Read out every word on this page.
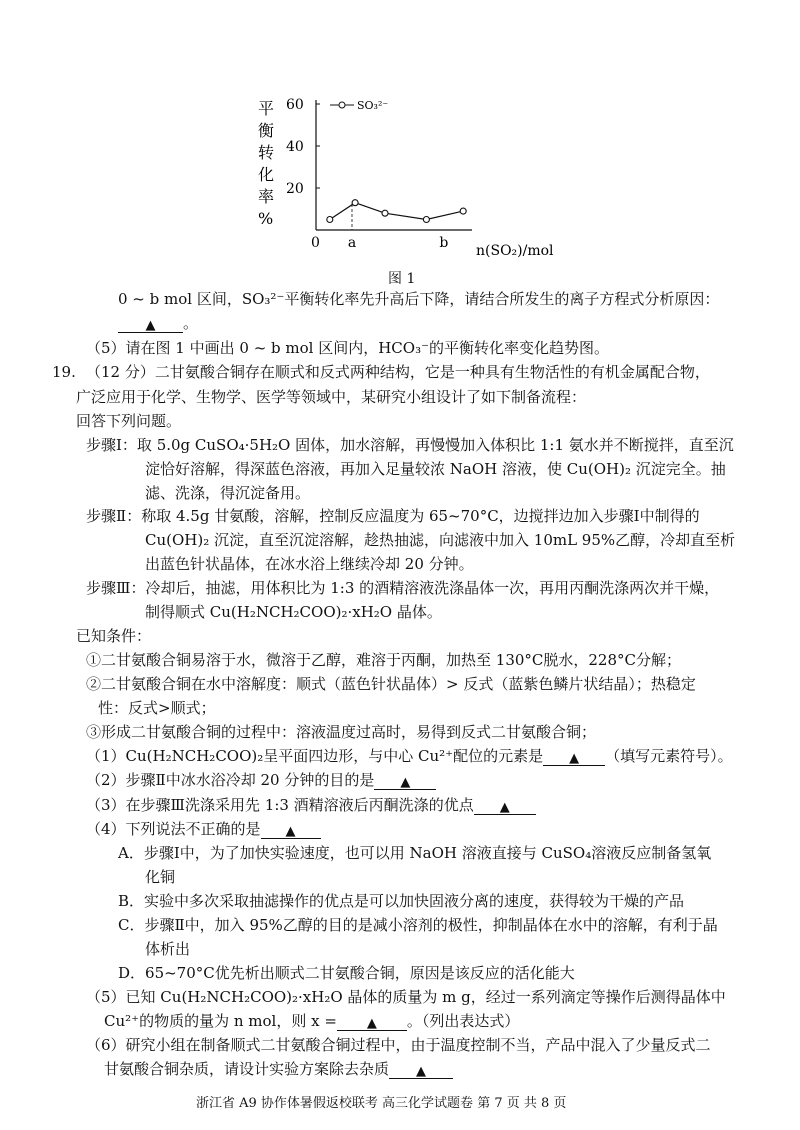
平
衡
转
化
率
%
60
40
20
0 a	b
SO₃²⁻
n(SO₂)/mol
图 1
0 ~ b mol 区间，SO₃²⁻平衡转化率先升高后下降，请结合所发生的离子方程式分析原因：
▲ 。
（5）请在图 1 中画出 0 ~ b mol 区间内，HCO₃⁻的平衡转化率变化趋势图。
19. （12 分）二甘氨酸合铜存在顺式和反式两种结构，它是一种具有生物活性的有机金属配合物，
广泛应用于化学、生物学、医学等领域中，某研究小组设计了如下制备流程：
回答下列问题。
步骤Ⅰ：取 5.0g CuSO₄·5H₂O 固体，加水溶解，再慢慢加入体积比 1:1 氨水并不断搅拌，直至沉
淀恰好溶解，得深蓝色溶液，再加入足量较浓 NaOH 溶液，使 Cu(OH)₂ 沉淀完全。抽
滤、洗涤，得沉淀备用。
步骤Ⅱ：称取 4.5g 甘氨酸，溶解，控制反应温度为 65~70°C，边搅拌边加入步骤Ⅰ中制得的
Cu(OH)₂ 沉淀，直至沉淀溶解，趁热抽滤，向滤液中加入 10mL 95%乙醇，冷却直至析
出蓝色针状晶体，在冰水浴上继续冷却 20 分钟。
步骤Ⅲ：冷却后，抽滤，用体积比为 1:3 的酒精溶液洗涤晶体一次，再用丙酮洗涤两次并干燥，
制得顺式 Cu(H₂NCH₂COO)₂·xH₂O 晶体。
已知条件：
①二甘氨酸合铜易溶于水，微溶于乙醇，难溶于丙酮，加热至 130°C脱水，228°C分解；
②二甘氨酸合铜在水中溶解度：顺式（蓝色针状晶体）> 反式（蓝紫色鳞片状结晶）；热稳定
性：反式>顺式；
③形成二甘氨酸合铜的过程中：溶液温度过高时，易得到反式二甘氨酸合铜；
（1）Cu(H₂NCH₂COO)₂呈平面四边形，与中心 Cu²⁺配位的元素是 ▲ （填写元素符号）。
（2）步骤Ⅱ中冰水浴冷却 20 分钟的目的是 ▲
（3）在步骤Ⅲ洗涤采用先 1:3 酒精溶液后丙酮洗涤的优点 ▲
（4）下列说法不正确的是 ▲
A．步骤Ⅰ中，为了加快实验速度，也可以用 NaOH 溶液直接与 CuSO₄溶液反应制备氢氧
化铜
B．实验中多次采取抽滤操作的优点是可以加快固液分离的速度，获得较为干燥的产品
C．步骤Ⅱ中，加入 95%乙醇的目的是减小溶剂的极性，抑制晶体在水中的溶解，有利于晶
体析出
D．65~70°C优先析出顺式二甘氨酸合铜，原因是该反应的活化能大
（5）已知 Cu(H₂NCH₂COO)₂·xH₂O 晶体的质量为 m g，经过一系列滴定等操作后测得晶体中
Cu²⁺的物质的量为 n mol，则 x = ▲ 。（列出表达式）
（6）研究小组在制备顺式二甘氨酸合铜过程中，由于温度控制不当，产品中混入了少量反式二
甘氨酸合铜杂质，请设计实验方案除去杂质 ▲
浙江省 A9 协作体暑假返校联考 高三化学试题卷 第 7 页 共 8 页
